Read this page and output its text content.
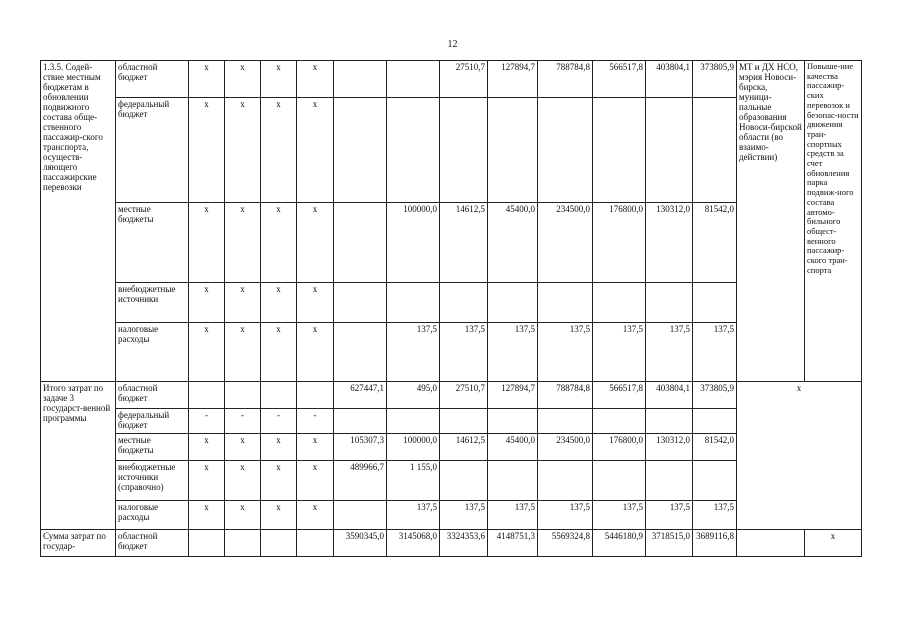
12
1.3.5. Содей-ствие местным бюджетам в обновлении подвижного состава обще-ственного пассажир-ского транспорта, осуществ-ляющего пассажирские перевозки	областной бюджет	х	х	х	х			27510,7	127894,7	788784,8	566517,8	403804,1	373805,9	МТ и ДХ НСО, мэрия Новоси-бирска, муници-пальные образования Новоси-бирской области (во взаимо-действии)	Повыше-ние качества пассажир-ских перевозок и безопас-ности движения тран-спортных средств за счет обновления парка подвиж-ного состава автомо-бильного общест-венного пассажир-ского тран-спорта
	федеральный бюджет	х	х	х	х										
	местные бюджеты	х	х	х	х		100000,0	14612,5	45400,0	234500,0	176800,0	130312,0	81542,0		
	внебюджетные источники	х	х	х	х										
	налоговые расходы	х	х	х	х		137,5	137,5	137,5	137,5	137,5	137,5	137,5		
Итого затрат по задаче 3 государст-венной программы	областной бюджет					627447,1	495,0	27510,7	127894,7	788784,8	566517,8	403804,1	373805,9	х	
	федеральный бюджет	-	-	-	-										
	местные бюджеты	х	х	х	х	105307,3	100000,0	14612,5	45400,0	234500,0	176800,0	130312,0	81542,0		
	внебюджетные источники (справочно)	х	х	х	х	489966,7	1 155,0								
	налоговые расходы	х	х	х	х		137,5	137,5	137,5	137,5	137,5	137,5	137,5		
Сумма затрат по государ-	областной бюджет					3590345,0	3145068,0	3324353,6	4148751,3	5569324,8	5446180,9	3718515,0	3689116,8		х
